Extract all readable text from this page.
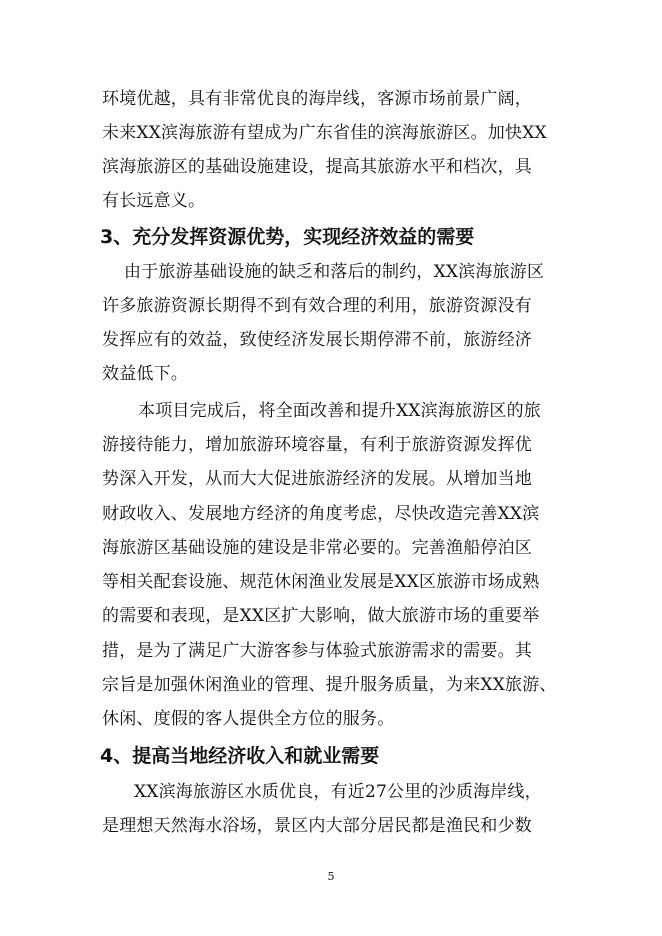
环境优越，具有非常优良的海岸线，客源市场前景广阔，
未来XX滨海旅游有望成为广东省佳的滨海旅游区。加快XX
滨海旅游区的基础设施建设，提高其旅游水平和档次，具
有长远意义。
3、充分发挥资源优势，实现经济效益的需要
由于旅游基础设施的缺乏和落后的制约，XX滨海旅游区
许多旅游资源长期得不到有效合理的利用，旅游资源没有
发挥应有的效益，致使经济发展长期停滞不前，旅游经济
效益低下。
本项目完成后，将全面改善和提升XX滨海旅游区的旅
游接待能力，增加旅游环境容量，有利于旅游资源发挥优
势深入开发，从而大大促进旅游经济的发展。从增加当地
财政收入、发展地方经济的角度考虑，尽快改造完善XX滨
海旅游区基础设施的建设是非常必要的。完善渔船停泊区
等相关配套设施、规范休闲渔业发展是XX区旅游市场成熟
的需要和表现，是XX区扩大影响，做大旅游市场的重要举
措，是为了满足广大游客参与体验式旅游需求的需要。其
宗旨是加强休闲渔业的管理、提升服务质量，为来XX旅游、
休闲、度假的客人提供全方位的服务。
4、提高当地经济收入和就业需要
XX滨海旅游区水质优良，有近27公里的沙质海岸线，
是理想天然海水浴场，景区内大部分居民都是渔民和少数
5
